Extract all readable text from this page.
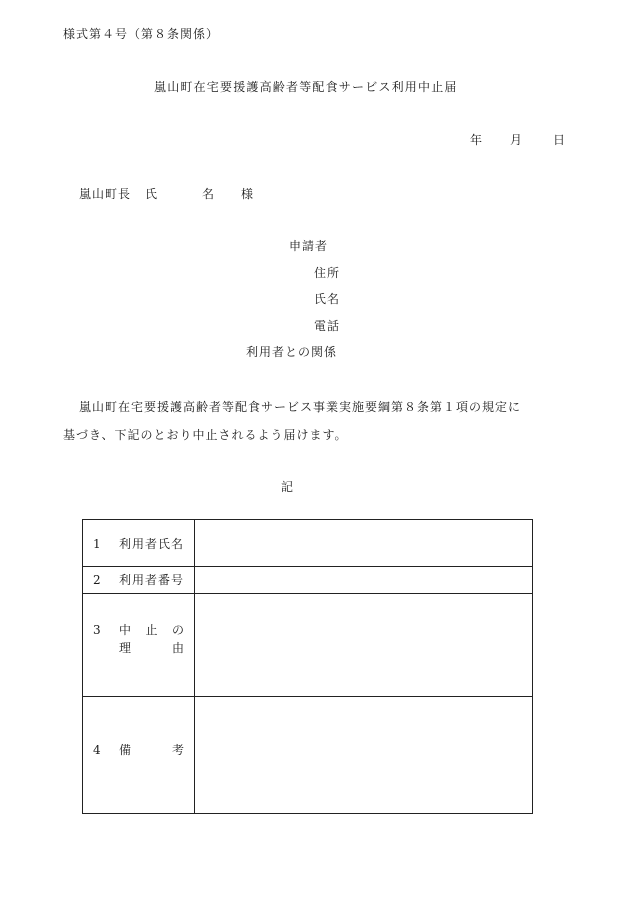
様式第４号（第８条関係）
嵐山町在宅要援護高齢者等配食サービス利用中止届
年 月 日
嵐山町長 氏	名 様
申請者
住所
氏名
電話
利用者との関係
嵐山町在宅要援護高齢者等配食サービス事業実施要綱第８条第１項の規定に
基づき、下記のとおり中止されるよう届けます。
記
1 利用者氏名
2 利用者番号
3 中 止 の
理	由
4 備	考
